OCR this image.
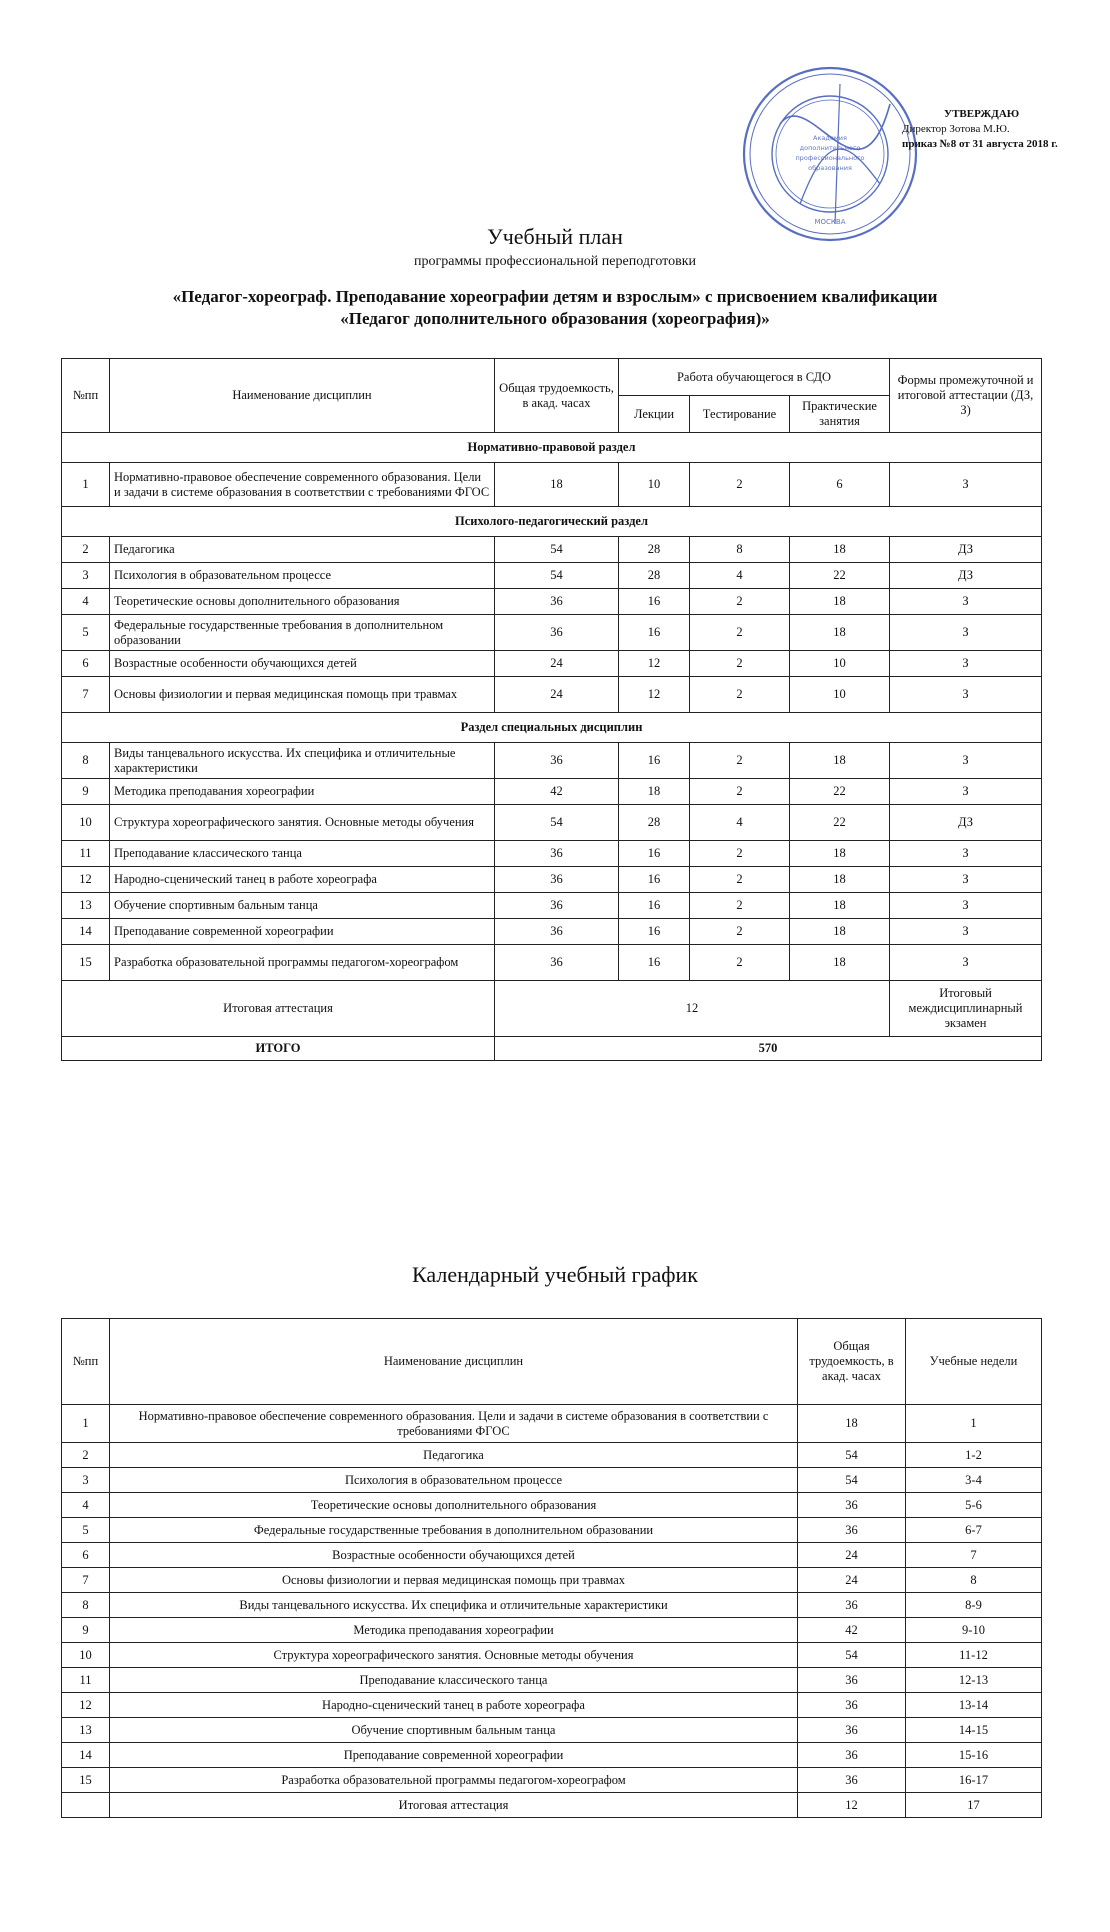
Академия
дополнительного
профессионального
образования
МОСКВА
УТВЕРЖДАЮ
Директор Зотова М.Ю.
приказ №8 от 31 августа 2018 г.
Учебный план
программы профессиональной переподготовки
«Педагог-хореограф. Преподавание хореографии детям и взрослым» с присвоением квалификации
«Педагог дополнительного образования (хореография)»
№пп	Наименование дисциплин	Общая трудоемкость, в акад. часах	Работа обучающегося в СДО			Формы промежуточной и итоговой аттестации (ДЗ, З)
			Лекции	Тестирование	Практические занятия	
Нормативно-правовой раздел						
1	Нормативно-правовое обеспечение современного образования. Цели и задачи в системе образования в соответствии с требованиями ФГОС	18	10	2	6	З
Психолого-педагогический раздел						
2	Педагогика	54	28	8	18	ДЗ
3	Психология в образовательном процессе	54	28	4	22	ДЗ
4	Теоретические основы дополнительного образования	36	16	2	18	З
5	Федеральные государственные требования в дополнительном образовании	36	16	2	18	З
6	Возрастные особенности обучающихся детей	24	12	2	10	З
7	Основы физиологии и первая медицинская помощь при травмах	24	12	2	10	З
Раздел специальных дисциплин						
8	Виды танцевального искусства. Их специфика и отличительные характеристики	36	16	2	18	З
9	Методика преподавания хореографии	42	18	2	22	З
10	Структура хореографического занятия. Основные методы обучения	54	28	4	22	ДЗ
11	Преподавание классического танца	36	16	2	18	З
12	Народно-сценический танец в работе хореографа	36	16	2	18	З
13	Обучение спортивным бальным танца	36	16	2	18	З
14	Преподавание современной хореографии	36	16	2	18	З
15	Разработка образовательной программы педагогом-хореографом	36	16	2	18	З
Итоговая аттестация		12				Итоговый междисциплинарный экзамен
ИТОГО		570				
Календарный учебный график
№пп	Наименование дисциплин	Общая трудоемкость, в акад. часах	Учебные недели
1	Нормативно-правовое обеспечение современного образования. Цели и задачи в системе образования в соответствии с требованиями ФГОС	18	1
2	Педагогика	54	1-2
3	Психология в образовательном процессе	54	3-4
4	Теоретические основы дополнительного образования	36	5-6
5	Федеральные государственные требования в дополнительном образовании	36	6-7
6	Возрастные особенности обучающихся детей	24	7
7	Основы физиологии и первая медицинская помощь при травмах	24	8
8	Виды танцевального искусства. Их специфика и отличительные характеристики	36	8-9
9	Методика преподавания хореографии	42	9-10
10	Структура хореографического занятия. Основные методы обучения	54	11-12
11	Преподавание классического танца	36	12-13
12	Народно-сценический танец в работе хореографа	36	13-14
13	Обучение спортивным бальным танца	36	14-15
14	Преподавание современной хореографии	36	15-16
15	Разработка образовательной программы педагогом-хореографом	36	16-17
	Итоговая аттестация	12	17
